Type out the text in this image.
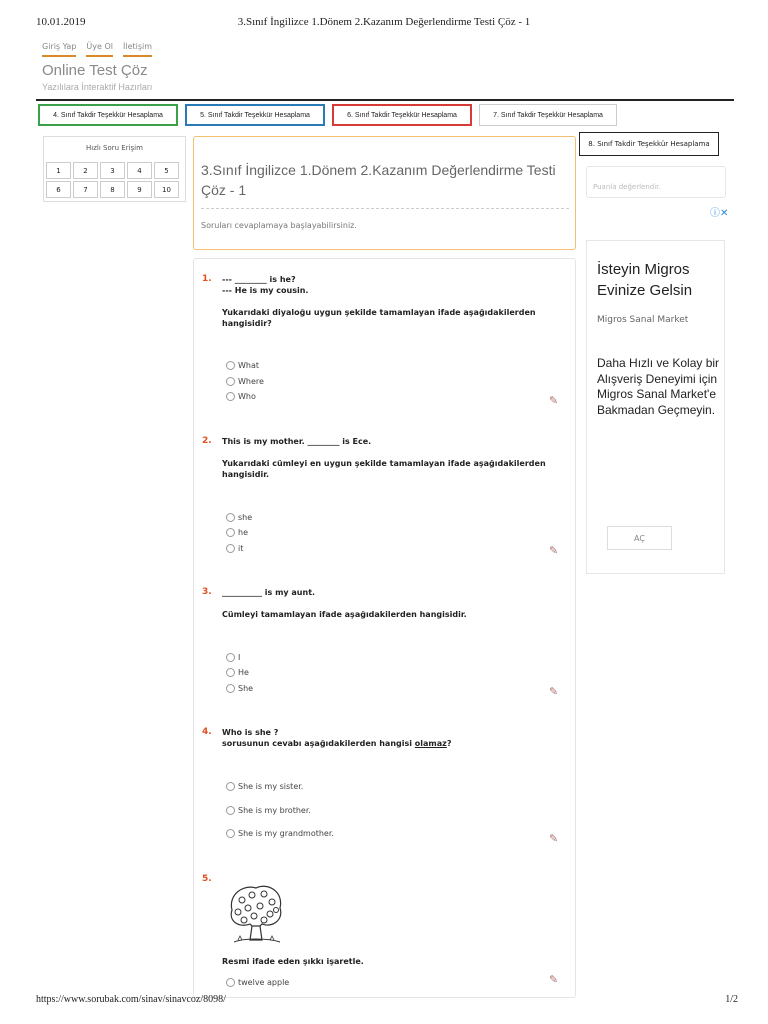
10.01.2019	3.Sınıf İngilizce 1.Dönem 2.Kazanım Değerlendirme Testi Çöz - 1
Giriş Yap Üye Ol İletişim
Online Test Çöz
Yazılılara İnteraktif Hazırları
4. Sınıf Takdir Teşekkür Hesaplama	5. Sınıf Takdir Teşekkür Hesaplama	6. Sınıf Takdir Teşekkür Hesaplama	7. Sınıf Takdir Teşekkür Hesaplama
8. Sınıf Takdir Teşekkür Hesaplama
Hızlı Soru Erişim
1	2	3	4	5
6	7	8	9	10
3.Sınıf İngilizce 1.Dönem 2.Kazanım Değerlendirme Testi Çöz - 1
Soruları cevaplamaya başlayabilirsiniz.
1. --- ________ is he?
--- He is my cousin.
Yukarıdaki diyaloğu uygun şekilde tamamlayan ifade aşağıdakilerden hangisidir?
What
Where
Who	✎
2. This is my mother. ________ is Ece.
Yukarıdaki cümleyi en uygun şekilde tamamlayan ifade aşağıdakilerden hangisidir.
she
he
it	✎
3. __________ is my aunt.
Cümleyi tamamlayan ifade aşağıdakilerden hangisidir.
I
He
She	✎
4. Who is she ?
sorusunun cevabı aşağıdakilerden hangisi olamaz?
She is my sister.
She is my brother.
She is my grandmother.	✎
5.
Resmi ifade eden şıkkı işaretle.
twelve apple	✎
Puanla değerlendir.
ⓘ✕
İsteyin Migros Evinize Gelsin
Migros Sanal Market
Daha Hızlı ve Kolay bir Alışveriş Deneyimi için Migros Sanal Market'e Bakmadan Geçmeyin.
AÇ
https://www.sorubak.com/sinav/sinavcoz/8098/	1/2
